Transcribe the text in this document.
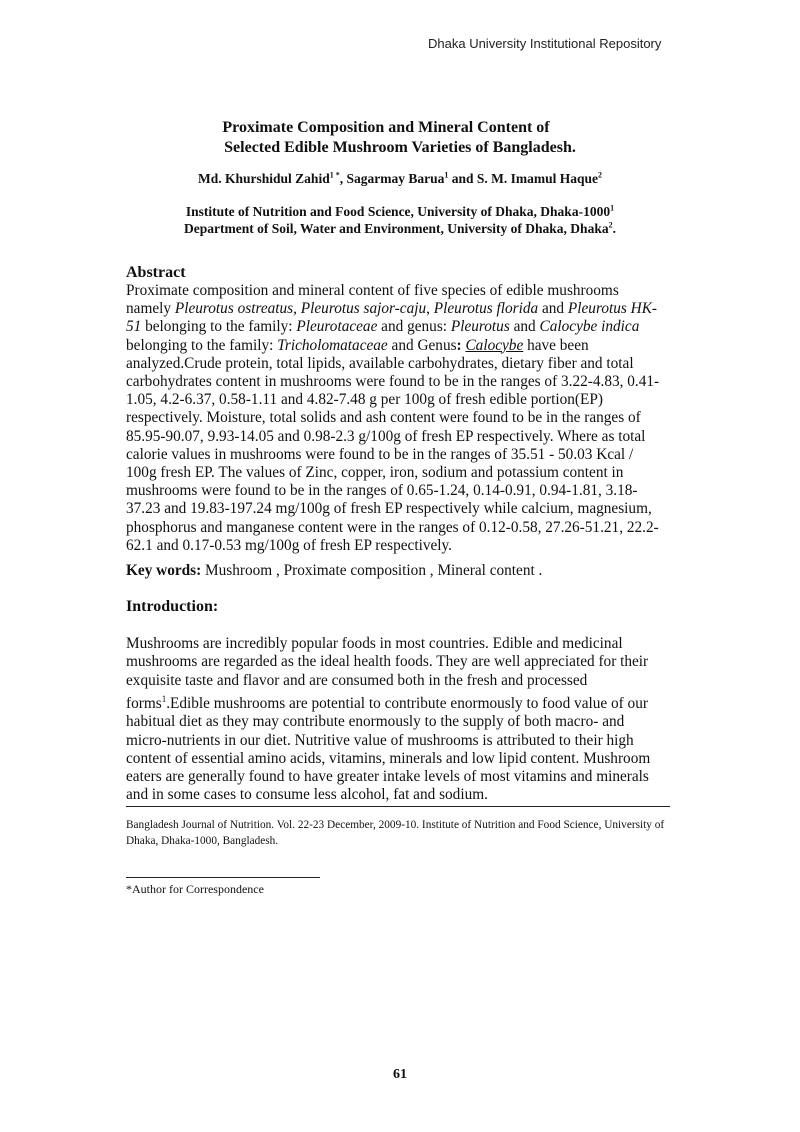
Dhaka University Institutional Repository
Proximate Composition and Mineral Content of
Selected Edible Mushroom Varieties of Bangladesh.
Md. Khurshidul Zahid$^{1 *}$, Sagarmay Barua$^1$ and S. M. Imamul Haque$^2$
Institute of Nutrition and Food Science, University of Dhaka, Dhaka-1000$^1$
Department of Soil, Water and Environment, University of Dhaka, Dhaka$^2$.
Abstract
Proximate composition and mineral content of five species of edible mushrooms namely Pleurotus ostreatus, Pleurotus sajor-caju, Pleurotus florida and Pleurotus HK- 51 belonging to the family: Pleurotaceae and genus: Pleurotus and Calocybe indica belonging to the family: Tricholomataceae and Genus: Calocybe have been analyzed.Crude protein, total lipids, available carbohydrates, dietary fiber and total carbohydrates content in mushrooms were found to be in the ranges of 3.22-4.83, 0.41-1.05, 4.2-6.37, 0.58-1.11 and 4.82-7.48 g per 100g of fresh edible portion(EP) respectively. Moisture, total solids and ash content were found to be in the ranges of 85.95-90.07, 9.93-14.05 and 0.98-2.3 g/100g of fresh EP respectively. Where as total calorie values in mushrooms were found to be in the ranges of 35.51 - 50.03 Kcal / 100g fresh EP. The values of Zinc, copper, iron, sodium and potassium content in mushrooms were found to be in the ranges of 0.65-1.24, 0.14-0.91, 0.94-1.81, 3.18-37.23 and 19.83-197.24 mg/100g of fresh EP respectively while calcium, magnesium, phosphorus and manganese content were in the ranges of 0.12-0.58, 27.26-51.21, 22.2-62.1 and 0.17-0.53 mg/100g of fresh EP respectively.
Key words: Mushroom , Proximate composition , Mineral content .
Introduction:
Mushrooms are incredibly popular foods in most countries. Edible and medicinal mushrooms are regarded as the ideal health foods. They are well appreciated for their exquisite taste and flavor and are consumed both in the fresh and processed forms$^1$.Edible mushrooms are potential to contribute enormously to food value of our habitual diet as they may contribute enormously to the supply of both macro- and micro-nutrients in our diet. Nutritive value of mushrooms is attributed to their high content of essential amino acids, vitamins, minerals and low lipid content. Mushroom eaters are generally found to have greater intake levels of most vitamins and minerals and in some cases to consume less alcohol, fat and sodium.
Bangladesh Journal of Nutrition. Vol. 22-23 December, 2009-10. Institute of Nutrition and Food Science, University of Dhaka, Dhaka-1000, Bangladesh.
*Author for Correspondence
61
